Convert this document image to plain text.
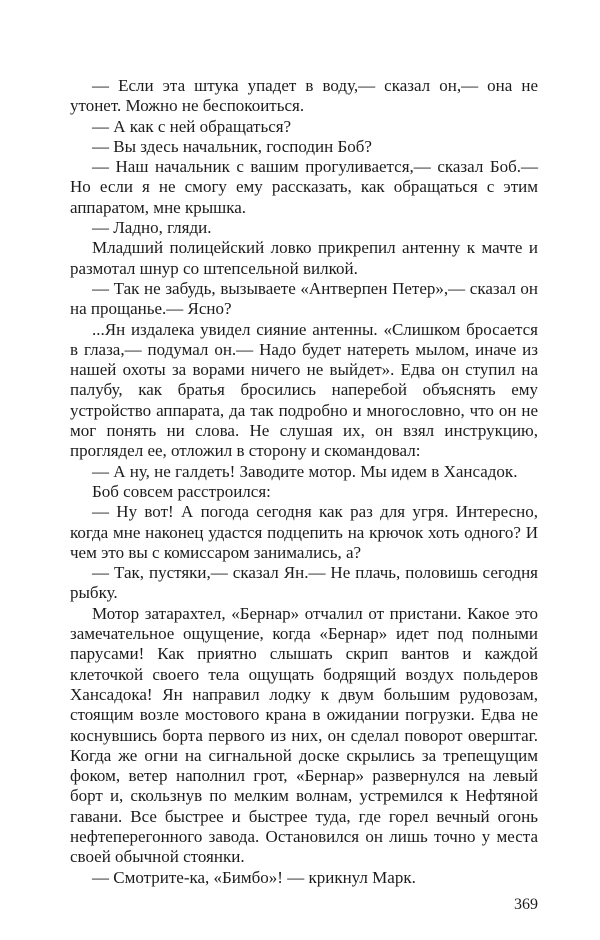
— Если эта штука упадет в воду,— сказал он,— она не утонет. Можно не беспокоиться.

— А как с ней обращаться?

— Вы здесь начальник, господин Боб?

— Наш начальник с вашим прогуливается,— сказал Боб.— Но если я не смогу ему рассказать, как обращаться с этим аппаратом, мне крышка.

— Ладно, гляди.

Младший полицейский ловко прикрепил антенну к мачте и размотал шнур со штепсельной вилкой.

— Так не забудь, вызываете «Антверпен Петер»,— сказал он на прощанье.— Ясно?

...Ян издалека увидел сияние антенны. «Слишком бросается в глаза,— подумал он.— Надо будет натереть мылом, иначе из нашей охоты за ворами ничего не выйдет». Едва он ступил на палубу, как братья бросились наперебой объяснять ему устройство аппарата, да так подробно и многословно, что он не мог понять ни слова. Не слушая их, он взял инструкцию, проглядел ее, отложил в сторону и скомандовал:

— А ну, не галдеть! Заводите мотор. Мы идем в Хансадок.

Боб совсем расстроился:

— Ну вот! А погода сегодня как раз для угря. Интересно, когда мне наконец удастся подцепить на крючок хоть одного? И чем это вы с комиссаром занимались, а?

— Так, пустяки,— сказал Ян.— Не плачь, половишь сегодня рыбку.

Мотор затарахтел, «Бернар» отчалил от пристани. Какое это замечательное ощущение, когда «Бернар» идет под полными парусами! Как приятно слышать скрип вантов и каждой клеточкой своего тела ощущать бодрящий воздух польдеров Хансадока! Ян направил лодку к двум большим рудовозам, стоящим возле мостового крана в ожидании погрузки. Едва не коснувшись борта первого из них, он сделал поворот оверштаг. Когда же огни на сигнальной доске скрылись за трепещущим фоком, ветер наполнил грот, «Бернар» развернулся на левый борт и, скользнув по мелким волнам, устремился к Нефтяной гавани. Все быстрее и быстрее туда, где горел вечный огонь нефтеперегонного завода. Остановился он лишь точно у места своей обычной стоянки.

— Смотрите-ка, «Бимбо»! — крикнул Марк.

369
